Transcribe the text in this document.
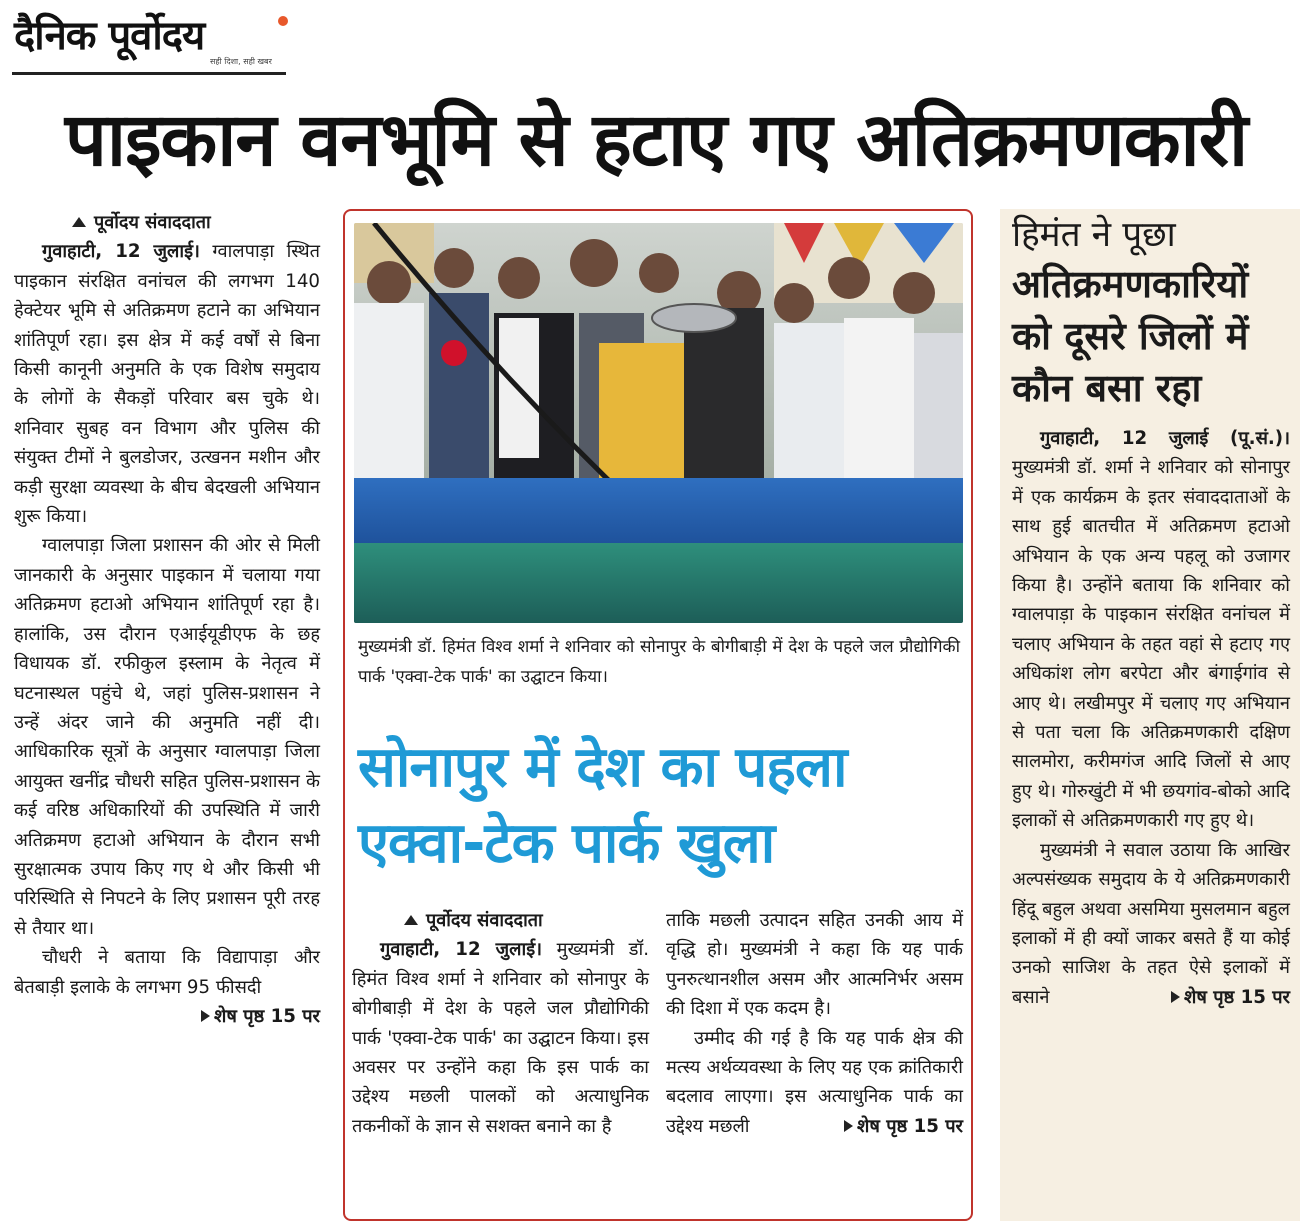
दैनिक पूर्वोदय
सही दिशा, सही खबर
पाइकान वनभूमि से हटाए गए अतिक्रमणकारी
पूर्वोदय संवाददाता

गुवाहाटी, 12 जुलाई। ग्वालपाड़ा स्थित पाइकान संरक्षित वनांचल की लगभग 140 हेक्टेयर भूमि से अतिक्रमण हटाने का अभियान शांतिपूर्ण रहा। इस क्षेत्र में कई वर्षों से बिना किसी कानूनी अनुमति के एक विशेष समुदाय के लोगों के सैकड़ों परिवार बस चुके थे। शनिवार सुबह वन विभाग और पुलिस की संयुक्त टीमों ने बुलडोजर, उत्खनन मशीन और कड़ी सुरक्षा व्यवस्था के बीच बेदखली अभियान शुरू किया।

ग्वालपाड़ा जिला प्रशासन की ओर से मिली जानकारी के अनुसार पाइकान में चलाया गया अतिक्रमण हटाओ अभियान शांतिपूर्ण रहा है। हालांकि, उस दौरान एआईयूडीएफ के छह विधायक डॉ. रफीकुल इस्लाम के नेतृत्व में घटनास्थल पहुंचे थे, जहां पुलिस-प्रशासन ने उन्हें अंदर जाने की अनुमति नहीं दी। आधिकारिक सूत्रों के अनुसार ग्वालपाड़ा जिला आयुक्त खनींद्र चौधरी सहित पुलिस-प्रशासन के कई वरिष्ठ अधिकारियों की उपस्थिति में जारी अतिक्रमण हटाओ अभियान के दौरान सभी सुरक्षात्मक उपाय किए गए थे और किसी भी परिस्थिति से निपटने के लिए प्रशासन पूरी तरह से तैयार था।

चौधरी ने बताया कि विद्यापाड़ा और बेतबाड़ी इलाके के लगभग 95 फीसदी
शेष पृष्ठ 15 पर

मुख्यमंत्री डॉ. हिमंत विश्व शर्मा ने शनिवार को सोनापुर के बोगीबाड़ी में देश के पहले जल प्रौद्योगिकी पार्क 'एक्वा-टेक पार्क' का उद्घाटन किया।
सोनापुर में देश का पहला
एक्वा-टेक पार्क खुला
पूर्वोदय संवाददाता

गुवाहाटी, 12 जुलाई। मुख्यमंत्री डॉ. हिमंत विश्व शर्मा ने शनिवार को सोनापुर के बोगीबाड़ी में देश के पहले जल प्रौद्योगिकी पार्क 'एक्वा-टेक पार्क' का उद्घाटन किया। इस अवसर पर उन्होंने कहा कि इस पार्क का उद्देश्य मछली पालकों को अत्याधुनिक तकनीकों के ज्ञान से सशक्त बनाने का है

ताकि मछली उत्पादन सहित उनकी आय में वृद्धि हो। मुख्यमंत्री ने कहा कि यह पार्क पुनरुत्थानशील असम और आत्मनिर्भर असम की दिशा में एक कदम है।

उम्मीद की गई है कि यह पार्क क्षेत्र की मत्स्य अर्थव्यवस्था के लिए यह एक क्रांतिकारी बदलाव लाएगा। इस अत्याधुनिक पार्क का उद्देश्य मछली	शेष पृष्ठ 15 पर

हिमंत ने पूछा
अतिक्रमणकारियों
को दूसरे जिलों में
कौन बसा रहा

गुवाहाटी, 12 जुलाई (पू.सं.)। मुख्यमंत्री डॉ. शर्मा ने शनिवार को सोनापुर में एक कार्यक्रम के इतर संवाददाताओं के साथ हुई बातचीत में अतिक्रमण हटाओ अभियान के एक अन्य पहलू को उजागर किया है। उन्होंने बताया कि शनिवार को ग्वालपाड़ा के पाइकान संरक्षित वनांचल में चलाए अभियान के तहत वहां से हटाए गए अधिकांश लोग बरपेटा और बंगाईगांव से आए थे। लखीमपुर में चलाए गए अभियान से पता चला कि अतिक्रमणकारी दक्षिण सालमोरा, करीमगंज आदि जिलों से आए हुए थे। गोरुखुंटी में भी छयगांव-बोको आदि इलाकों से अतिक्रमणकारी गए हुए थे।

मुख्यमंत्री ने सवाल उठाया कि आखिर अल्पसंख्यक समुदाय के ये अतिक्रमणकारी हिंदू बहुल अथवा असमिया मुसलमान बहुल इलाकों में ही क्यों जाकर बसते हैं या कोई उनको साजिश के तहत ऐसे इलाकों में बसाने	शेष पृष्ठ 15 पर
